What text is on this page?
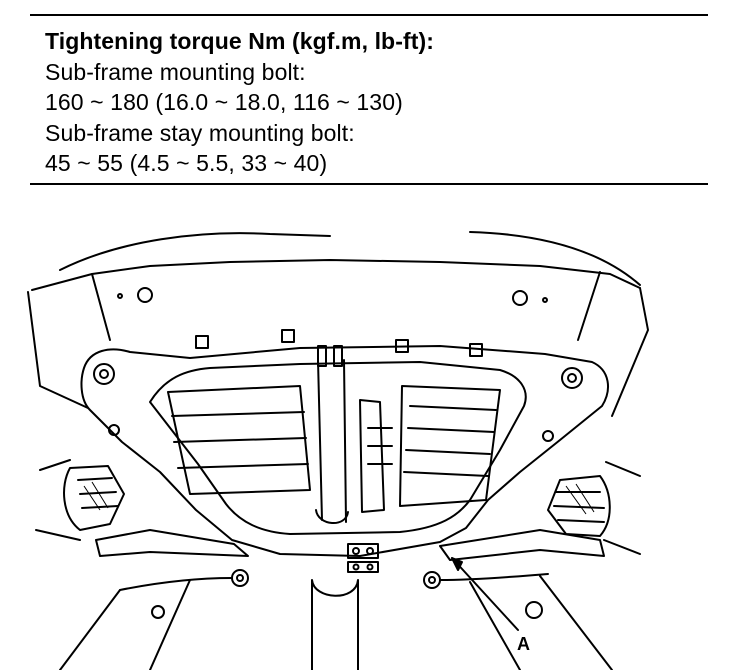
Tightening torque Nm (kgf.m, lb-ft):
Sub-frame mounting bolt:
160 ~ 180 (16.0 ~ 18.0, 116 ~ 130)
Sub-frame stay mounting bolt:
45 ~ 55 (4.5 ~ 5.5, 33 ~ 40)
A
